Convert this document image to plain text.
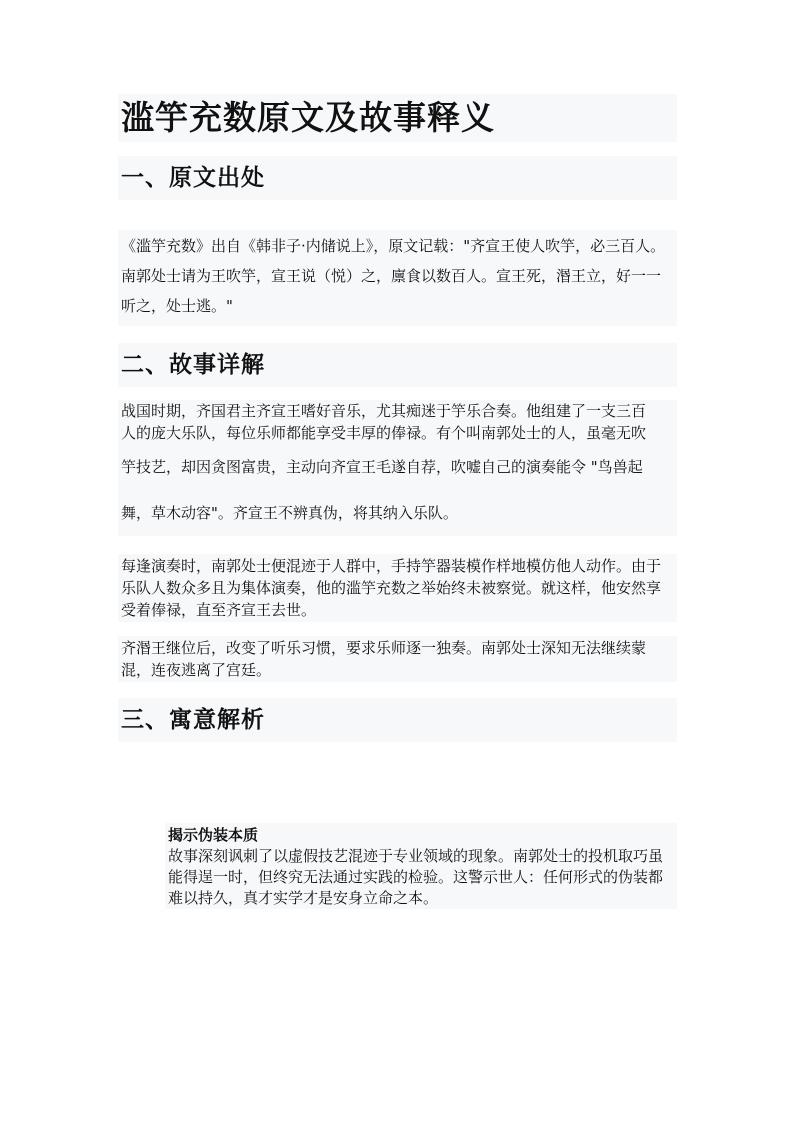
滥竽充数原文及故事释义
一、原文出处
《滥竽充数》出自《韩非子·内储说上》，原文记载："齐宣王使人吹竽，必三百人。南郭处士请为王吹竽，宣王说（悦）之，廪食以数百人。宣王死，湣王立，好一一听之，处士逃。"
二、故事详解
战国时期，齐国君主齐宣王嗜好音乐，尤其痴迷于竽乐合奏。他组建了一支三百
人的庞大乐队，每位乐师都能享受丰厚的俸禄。有个叫南郭处士的人，虽毫无吹
竽技艺，却因贪图富贵，主动向齐宣王毛遂自荐，吹嘘自己的演奏能令 "鸟兽起
舞，草木动容"。齐宣王不辨真伪，将其纳入乐队。
每逢演奏时，南郭处士便混迹于人群中，手持竽器装模作样地模仿他人动作。由于乐队人数众多且为集体演奏，他的滥竽充数之举始终未被察觉。就这样，他安然享受着俸禄，直至齐宣王去世。
齐湣王继位后，改变了听乐习惯，要求乐师逐一独奏。南郭处士深知无法继续蒙混，连夜逃离了宫廷。
三、寓意解析
揭示伪装本质
故事深刻讽刺了以虚假技艺混迹于专业领域的现象。南郭处士的投机取巧虽能得逞一时，但终究无法通过实践的检验。这警示世人：任何形式的伪装都难以持久，真才实学才是安身立命之本。
